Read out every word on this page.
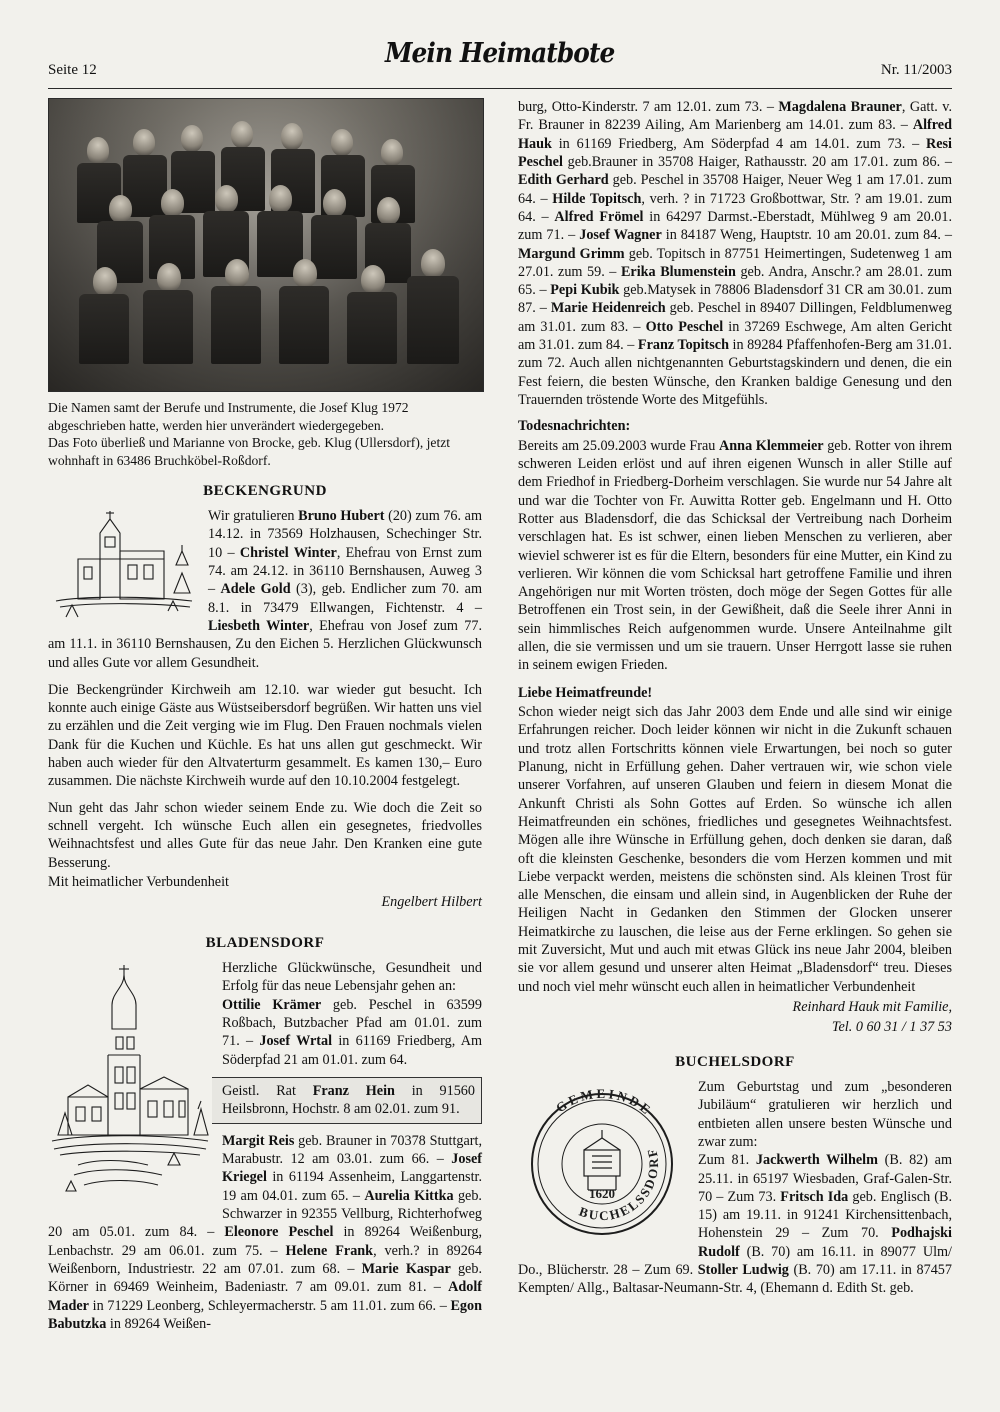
Seite 12
Mein Heimatbote
Nr. 11/2003
Die Namen samt der Berufe und Instrumente, die Josef Klug 1972 abgeschrieben hatte, werden hier unverändert wiedergegeben.
Das Foto überließ und Marianne von Brocke, geb. Klug (Ullersdorf), jetzt wohnhaft in 63486 Bruchköbel-Roßdorf.
BECKENGRUND
Wir gratulieren Bruno Hubert (20) zum 76. am 14.12. in 73569 Holzhausen, Schechinger Str. 10 – Christel Winter, Ehefrau von Ernst zum 74. am 24.12. in 36110 Bernshausen, Auweg 3 – Adele Gold (3), geb. Endlicher zum 70. am 8.1. in 73479 Ellwangen, Fichtenstr. 4 – Liesbeth Winter, Ehefrau von Josef zum 77. am 11.1. in 36110 Bernshausen, Zu den Eichen 5. Herzlichen Glückwunsch und alles Gute vor allem Gesundheit.
Die Beckengründer Kirchweih am 12.10. war wieder gut besucht. Ich konnte auch einige Gäste aus Wüstseibersdorf begrüßen. Wir hatten uns viel zu erzählen und die Zeit verging wie im Flug. Den Frauen nochmals vielen Dank für die Kuchen und Küchle. Es hat uns allen gut geschmeckt. Wir haben auch wieder für den Altvaterturm gesammelt. Es kamen 130,– Euro zusammen. Die nächste Kirchweih wurde auf den 10.10.2004 festgelegt.
Nun geht das Jahr schon wieder seinem Ende zu. Wie doch die Zeit so schnell vergeht. Ich wünsche Euch allen ein gesegnetes, friedvolles Weihnachtsfest und alles Gute für das neue Jahr. Den Kranken eine gute Besserung.
Mit heimatlicher Verbundenheit
Engelbert Hilbert
BLADENSDORF
Herzliche Glückwünsche, Gesundheit und Erfolg für das neue Lebensjahr gehen an:
Ottilie Krämer geb. Peschel in 63599 Roßbach, Butzbacher Pfad am 01.01. zum 71. – Josef Wrtal in 61169 Friedberg, Am Söderpfad 21 am 01.01. zum 64.
Geistl. Rat Franz Hein in 91560 Heilsbronn, Hochstr. 8 am 02.01. zum 91.
Margit Reis geb. Brauner in 70378 Stuttgart, Marabustr. 12 am 03.01. zum 66. – Josef Kriegel in 61194 Assenheim, Langgartenstr. 19 am 04.01. zum 65. – Aurelia Kittka geb. Schwarzer in 92355 Vellburg, Richterhofweg 20 am 05.01. zum 84. – Eleonore Peschel in 89264 Weißenburg, Lenbachstr. 29 am 06.01. zum 75. – Helene Frank, verh.? in 89264 Weißenborn, Industriestr. 22 am 07.01. zum 68. – Marie Kaspar geb. Körner in 69469 Weinheim, Badeniastr. 7 am 09.01. zum 81. – Adolf Mader in 71229 Leonberg, Schleyermacherstr. 5 am 11.01. zum 66. – Egon Babutzka in 89264 Weißen-
burg, Otto-Kinderstr. 7 am 12.01. zum 73. – Magdalena Brauner, Gatt. v. Fr. Brauner in 82239 Ailing, Am Marienberg am 14.01. zum 83. – Alfred Hauk in 61169 Friedberg, Am Söderpfad 4 am 14.01. zum 73. – Resi Peschel geb.Brauner in 35708 Haiger, Rathausstr. 20 am 17.01. zum 86. – Edith Gerhard geb. Peschel in 35708 Haiger, Neuer Weg 1 am 17.01. zum 64. – Hilde Topitsch, verh. ? in 71723 Großbottwar, Str. ? am 19.01. zum 64. – Alfred Frömel in 64297 Darmst.-Eberstadt, Mühlweg 9 am 20.01. zum 71. – Josef Wagner in 84187 Weng, Hauptstr. 10 am 20.01. zum 84. – Margund Grimm geb. Topitsch in 87751 Heimertingen, Sudetenweg 1 am 27.01. zum 59. – Erika Blumenstein geb. Andra, Anschr.? am 28.01. zum 65. – Pepi Kubik geb.Matysek in 78806 Bladensdorf 31 CR am 30.01. zum 87. – Marie Heidenreich geb. Peschel in 89407 Dillingen, Feldblumenweg am 31.01. zum 83. – Otto Peschel in 37269 Eschwege, Am alten Gericht am 31.01. zum 84. – Franz Topitsch in 89284 Pfaffenhofen-Berg am 31.01. zum 72. Auch allen nichtgenannten Geburtstagskindern und denen, die ein Fest feiern, die besten Wünsche, den Kranken baldige Genesung und den Trauernden tröstende Worte des Mitgefühls.
Todesnachrichten:
Bereits am 25.09.2003 wurde Frau Anna Klemmeier geb. Rotter von ihrem schweren Leiden erlöst und auf ihren eigenen Wunsch in aller Stille auf dem Friedhof in Friedberg-Dorheim verschlagen. Sie wurde nur 54 Jahre alt und war die Tochter von Fr. Auwitta Rotter geb. Engelmann und H. Otto Rotter aus Bladensdorf, die das Schicksal der Vertreibung nach Dorheim verschlagen hat. Es ist schwer, einen lieben Menschen zu verlieren, aber wieviel schwerer ist es für die Eltern, besonders für eine Mutter, ein Kind zu verlieren. Wir können die vom Schicksal hart getroffene Familie und ihren Angehörigen nur mit Worten trösten, doch möge der Segen Gottes für alle Betroffenen ein Trost sein, in der Gewißheit, daß die Seele ihrer Anni in sein himmlisches Reich aufgenommen wurde. Unsere Anteilnahme gilt allen, die sie vermissen und um sie trauern. Unser Herrgott lasse sie ruhen in seinem ewigen Frieden.
Liebe Heimatfreunde!
Schon wieder neigt sich das Jahr 2003 dem Ende und alle sind wir einige Erfahrungen reicher. Doch leider können wir nicht in die Zukunft schauen und trotz allen Fortschritts können viele Erwartungen, bei noch so guter Planung, nicht in Erfüllung gehen. Daher vertrauen wir, wie schon viele unserer Vorfahren, auf unseren Glauben und feiern in diesem Monat die Ankunft Christi als Sohn Gottes auf Erden. So wünsche ich allen Heimatfreunden ein schönes, friedliches und gesegnetes Weihnachtsfest. Mögen alle ihre Wünsche in Erfüllung gehen, doch denken sie daran, daß oft die kleinsten Geschenke, besonders die vom Herzen kommen und mit Liebe verpackt werden, meistens die schönsten sind. Als kleinen Trost für alle Menschen, die einsam und allein sind, in Augenblicken der Ruhe der Heiligen Nacht in Gedanken den Stimmen der Glocken unserer Heimatkirche zu lauschen, die leise aus der Ferne erklingen. So gehen sie mit Zuversicht, Mut und auch mit etwas Glück ins neue Jahr 2004, bleiben sie vor allem gesund und unserer alten Heimat „Bladensdorf“ treu. Dieses und noch viel mehr wünscht euch allen in heimatlicher Verbundenheit
Reinhard Hauk mit Familie,
Tel. 0 60 31 / 1 37 53
BUCHELSDORF
GEMEINDE
BUCHELSSDORF
1620
Zum Geburtstag und zum „besonderen Jubiläum“ gratulieren wir herzlich und entbieten allen unsere besten Wünsche und zwar zum:
Zum 81. Jackwerth Wilhelm (B. 82) am 25.11. in 65197 Wiesbaden, Graf-Galen-Str. 70 – Zum 73. Fritsch Ida geb. Englisch (B. 15) am 19.11. in 91241 Kirchensittenbach, Hohenstein 29 – Zum 70. Podhajski Rudolf (B. 70) am 16.11. in 89077 Ulm/ Do., Blücherstr. 28 – Zum 69. Stoller Ludwig (B. 70) am 17.11. in 87457 Kempten/ Allg., Baltasar-Neumann-Str. 4, (Ehemann d. Edith St. geb.
